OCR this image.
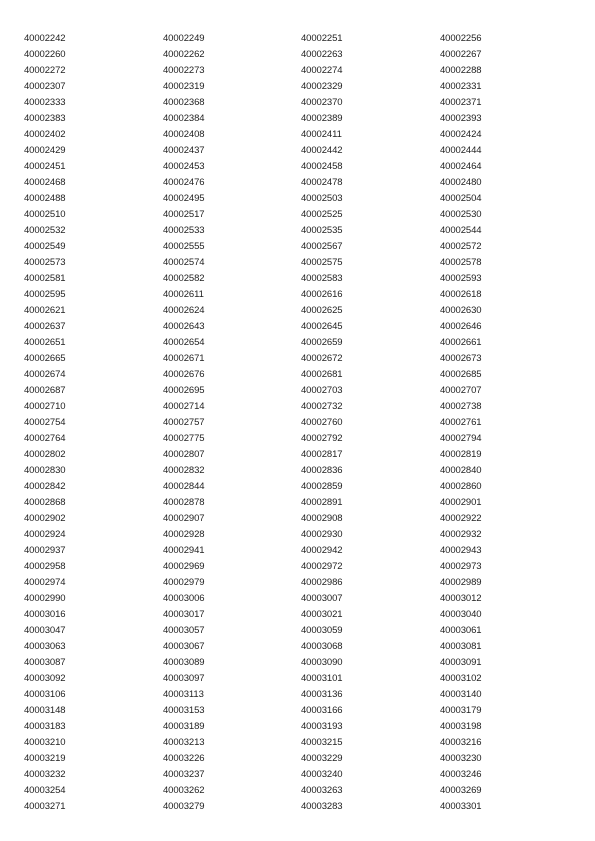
40002242	40002249	40002251	40002256
40002260	40002262	40002263	40002267
40002272	40002273	40002274	40002288
40002307	40002319	40002329	40002331
40002333	40002368	40002370	40002371
40002383	40002384	40002389	40002393
40002402	40002408	40002411	40002424
40002429	40002437	40002442	40002444
40002451	40002453	40002458	40002464
40002468	40002476	40002478	40002480
40002488	40002495	40002503	40002504
40002510	40002517	40002525	40002530
40002532	40002533	40002535	40002544
40002549	40002555	40002567	40002572
40002573	40002574	40002575	40002578
40002581	40002582	40002583	40002593
40002595	40002611	40002616	40002618
40002621	40002624	40002625	40002630
40002637	40002643	40002645	40002646
40002651	40002654	40002659	40002661
40002665	40002671	40002672	40002673
40002674	40002676	40002681	40002685
40002687	40002695	40002703	40002707
40002710	40002714	40002732	40002738
40002754	40002757	40002760	40002761
40002764	40002775	40002792	40002794
40002802	40002807	40002817	40002819
40002830	40002832	40002836	40002840
40002842	40002844	40002859	40002860
40002868	40002878	40002891	40002901
40002902	40002907	40002908	40002922
40002924	40002928	40002930	40002932
40002937	40002941	40002942	40002943
40002958	40002969	40002972	40002973
40002974	40002979	40002986	40002989
40002990	40003006	40003007	40003012
40003016	40003017	40003021	40003040
40003047	40003057	40003059	40003061
40003063	40003067	40003068	40003081
40003087	40003089	40003090	40003091
40003092	40003097	40003101	40003102
40003106	40003113	40003136	40003140
40003148	40003153	40003166	40003179
40003183	40003189	40003193	40003198
40003210	40003213	40003215	40003216
40003219	40003226	40003229	40003230
40003232	40003237	40003240	40003246
40003254	40003262	40003263	40003269
40003271	40003279	40003283	40003301
